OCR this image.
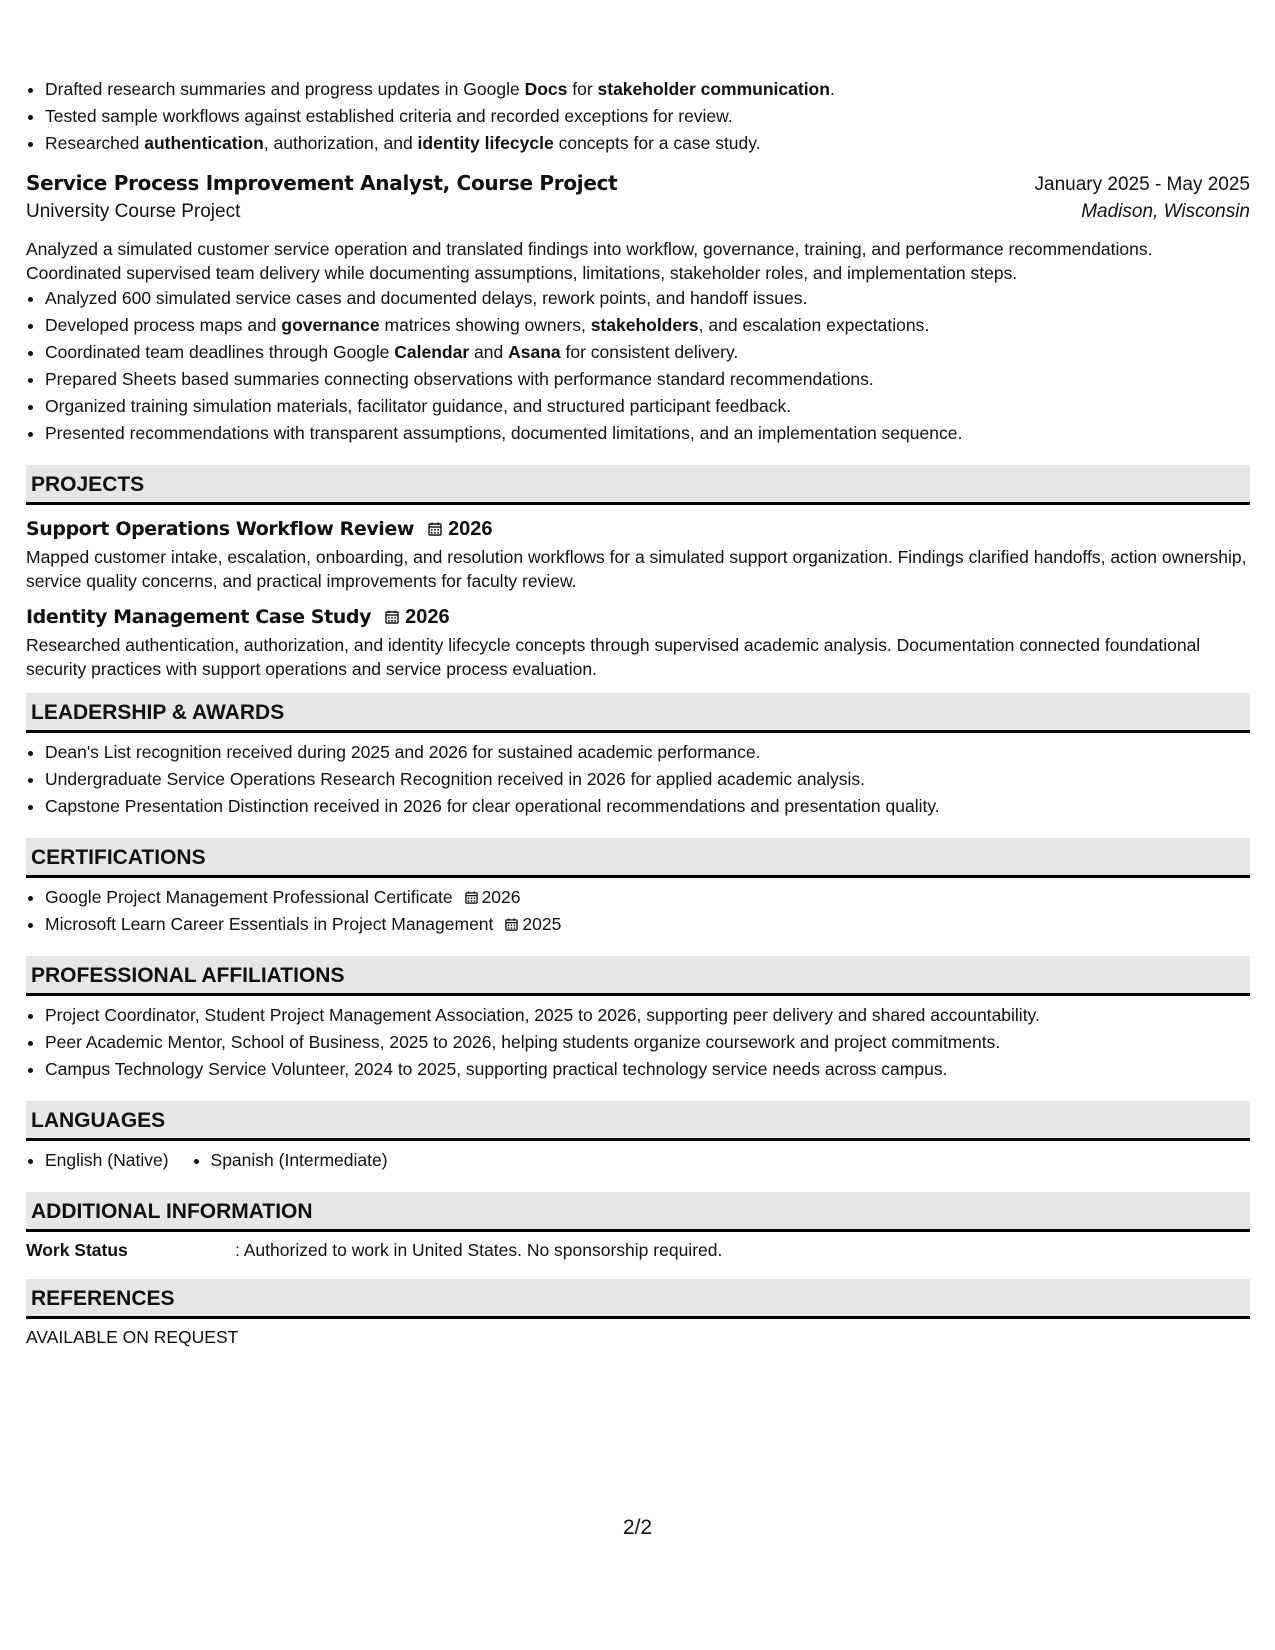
• Drafted research summaries and progress updates in Google Docs for stakeholder communication.
• Tested sample workflows against established criteria and recorded exceptions for review.
• Researched authentication, authorization, and identity lifecycle concepts for a case study.
Service Process Improvement Analyst, Course Project	January 2025 - May 2025
University Course Project	Madison, Wisconsin

Analyzed a simulated customer service operation and translated findings into workflow, governance, training, and performance recommendations. Coordinated supervised team delivery while documenting assumptions, limitations, stakeholder roles, and implementation steps.

• Analyzed 600 simulated service cases and documented delays, rework points, and handoff issues.
• Developed process maps and governance matrices showing owners, stakeholders, and escalation expectations.
• Coordinated team deadlines through Google Calendar and Asana for consistent delivery.
• Prepared Sheets based summaries connecting observations with performance standard recommendations.
• Organized training simulation materials, facilitator guidance, and structured participant feedback.
• Presented recommendations with transparent assumptions, documented limitations, and an implementation sequence.
PROJECTS
Support Operations Workflow Review 2026

Mapped customer intake, escalation, onboarding, and resolution workflows for a simulated support organization. Findings clarified handoffs, action ownership, service quality concerns, and practical improvements for faculty review.

Identity Management Case Study 2026

Researched authentication, authorization, and identity lifecycle concepts through supervised academic analysis. Documentation connected foundational security practices with support operations and service process evaluation.

LEADERSHIP & AWARDS
• Dean's List recognition received during 2025 and 2026 for sustained academic performance.
• Undergraduate Service Operations Research Recognition received in 2026 for applied academic analysis.
• Capstone Presentation Distinction received in 2026 for clear operational recommendations and presentation quality.
CERTIFICATIONS
• Google Project Management Professional Certificate 2026
• Microsoft Learn Career Essentials in Project Management 2025
PROFESSIONAL AFFILIATIONS
• Project Coordinator, Student Project Management Association, 2025 to 2026, supporting peer delivery and shared accountability.
• Peer Academic Mentor, School of Business, 2025 to 2026, helping students organize coursework and project commitments.
• Campus Technology Service Volunteer, 2024 to 2025, supporting practical technology service needs across campus.
LANGUAGES
• English (Native)
• Spanish (Intermediate)
ADDITIONAL INFORMATION
Work Status	: Authorized to work in United States. No sponsorship required.
REFERENCES
AVAILABLE ON REQUEST
2/2
